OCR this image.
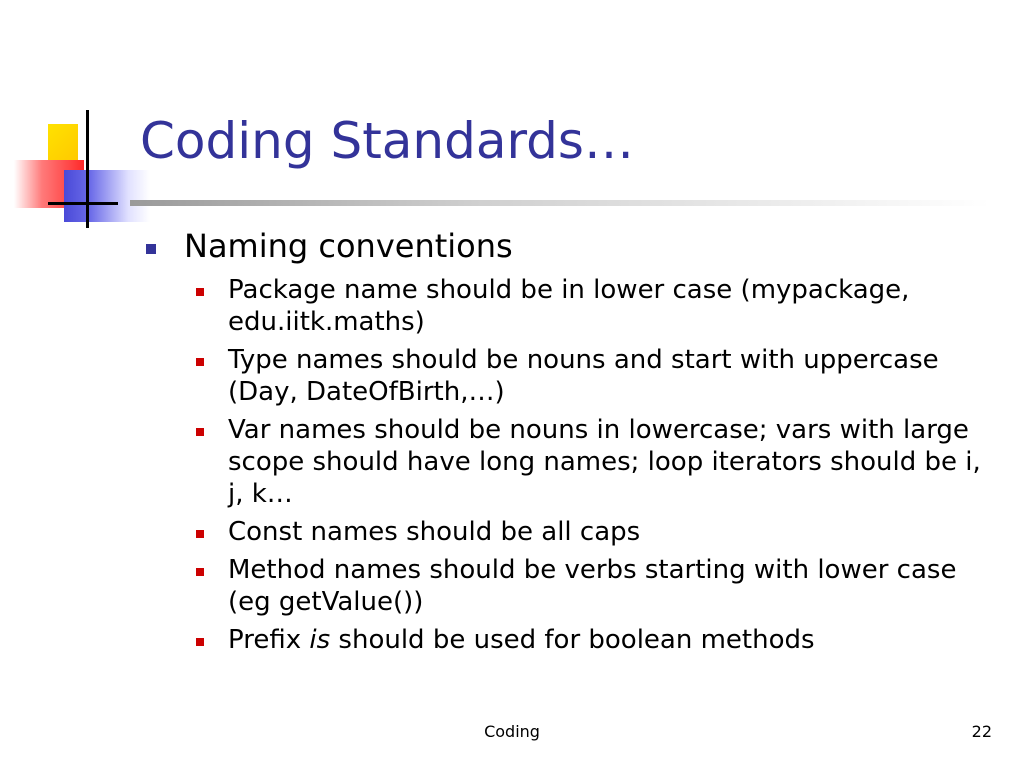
Coding Standards…
Naming conventions
Package name should be in lower case (mypackage, edu.iitk.maths)
Type names should be nouns and start with uppercase (Day, DateOfBirth,…)
Var names should be nouns in lowercase; vars with large scope should have long names; loop iterators should be i, j, k…
Const names should be all caps
Method names should be verbs starting with lower case (eg getValue())
Prefix is should be used for boolean methods
Coding	22
